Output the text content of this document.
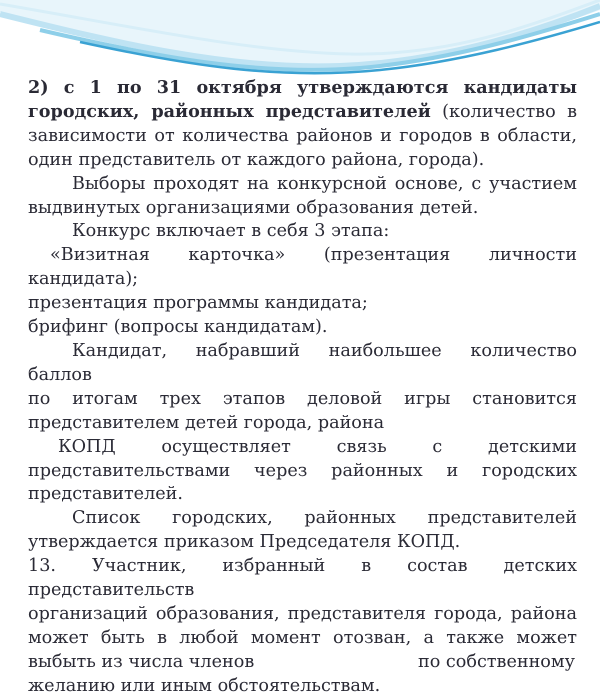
2) с 1 по 31 октября утверждаются кандидаты

городских, районных представителей (количество в

зависимости от количества районов и городов в области,

один представитель от каждого района, города).

Выборы проходят на конкурсной основе, с участием

выдвинутых организациями образования детей.

Конкурс включает в себя 3 этапа:

«Визитная карточка» (презентация личности

кандидата);

презентация программы кандидата;

брифинг (вопросы кандидатам).

Кандидат, набравший наибольшее количество баллов

по итогам трех этапов деловой игры становится

представителем детей города, района

КОПД осуществляет связь с детскими

представительствами через районных и городских

представителей.

Список городских, районных представителей

утверждается приказом Председателя КОПД.

13. Участник, избранный в состав детских представительств

организаций образования, представителя города, района

может быть в любой момент отозван, а также может

выбыть из числа членов	по собственному

желанию или иным обстоятельствам.
